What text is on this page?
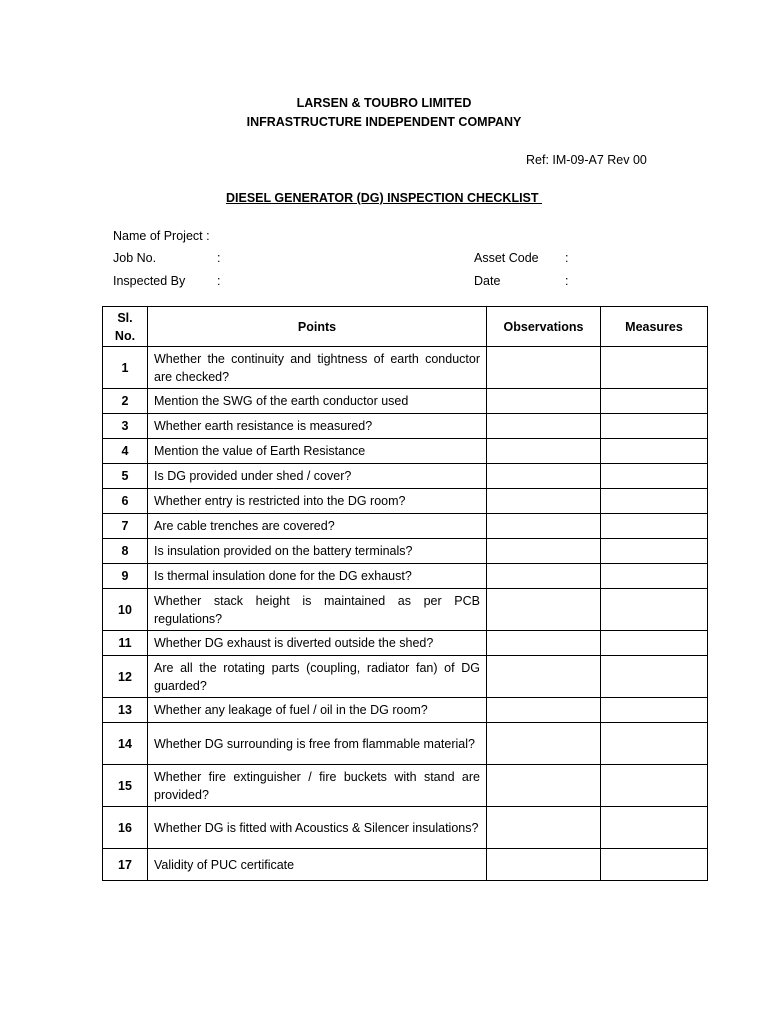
LARSEN & TOUBRO LIMITED
INFRASTRUCTURE INDEPENDENT COMPANY
Ref: IM-09-A7 Rev 00
DIESEL GENERATOR (DG) INSPECTION CHECKLIST
Name of Project :
Job No.	:	Asset Code :
Inspected By	:	Date	:
Sl.
No.	Points	Observations	Measures
1	Whether the continuity and tightness of earth conductor are checked?		
2	Mention the SWG of the earth conductor used		
3	Whether earth resistance is measured?		
4	Mention the value of Earth Resistance		
5	Is DG provided under shed / cover?		
6	Whether entry is restricted into the DG room?		
7	Are cable trenches are covered?		
8	Is insulation provided on the battery terminals?		
9	Is thermal insulation done for the DG exhaust?		
10	Whether stack height is maintained as per PCB regulations?		
11	Whether DG exhaust is diverted outside the shed?		
12	Are all the rotating parts (coupling, radiator fan) of DG guarded?		
13	Whether any leakage of fuel / oil in the DG room?		
14	Whether DG surrounding is free from flammable material?		
15	Whether fire extinguisher / fire buckets with stand are provided?		
16	Whether DG is fitted with Acoustics & Silencer insulations?		
17	Validity of PUC certificate		
